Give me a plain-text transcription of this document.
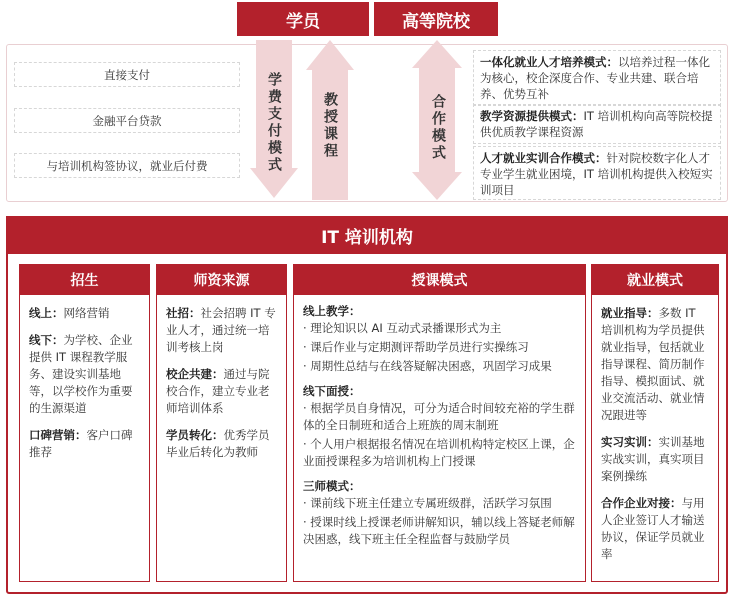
学员	高等院校
直接支付
金融平台贷款
与培训机构签协议，就业后付费	学费支付模式	教授课程	合作模式
一体化就业人才培养模式：以培养过程一体化为核心，校企深度合作、专业共建、联合培养、优势互补
教学资源提供模式：IT 培训机构向高等院校提供优质教学课程资源
人才就业实训合作模式：针对院校数字化人才专业学生就业困境，IT 培训机构提供入校短实训项目
IT 培训机构
招生

线上：网络营销

线下：为学校、企业提供 IT 课程教学服务、建设实训基地等，以学校作为重要的生源渠道

口碑营销：客户口碑推荐

师资来源

社招：社会招聘 IT 专业人才，通过统一培训考核上岗

校企共建：通过与院校合作，建立专业老师培训体系

学员转化：优秀学员毕业后转化为教师

授课模式
线上教学：
· 理论知识以 AI 互动式录播课形式为主
· 课后作业与定期测评帮助学员进行实操练习
· 周期性总结与在线答疑解决困惑，巩固学习成果
线下面授：
· 根据学员自身情况，可分为适合时间较充裕的学生群体的全日制班和适合上班族的周末制班
· 个人用户根据报名情况在培训机构特定校区上课，企业面授课程多为培训机构上门授课
三师模式：
· 课前线下班主任建立专属班级群，活跃学习氛围
· 授课时线上授课老师讲解知识，辅以线上答疑老师解决困惑，线下班主任全程监督与鼓励学员
就业模式

就业指导：多数 IT 培训机构为学员提供就业指导，包括就业指导课程、简历制作指导、模拟面试、就业交流活动、就业情况跟进等

实习实训：实训基地实战实训，真实项目案例操练

合作企业对接：与用人企业签订人才输送协议，保证学员就业率
